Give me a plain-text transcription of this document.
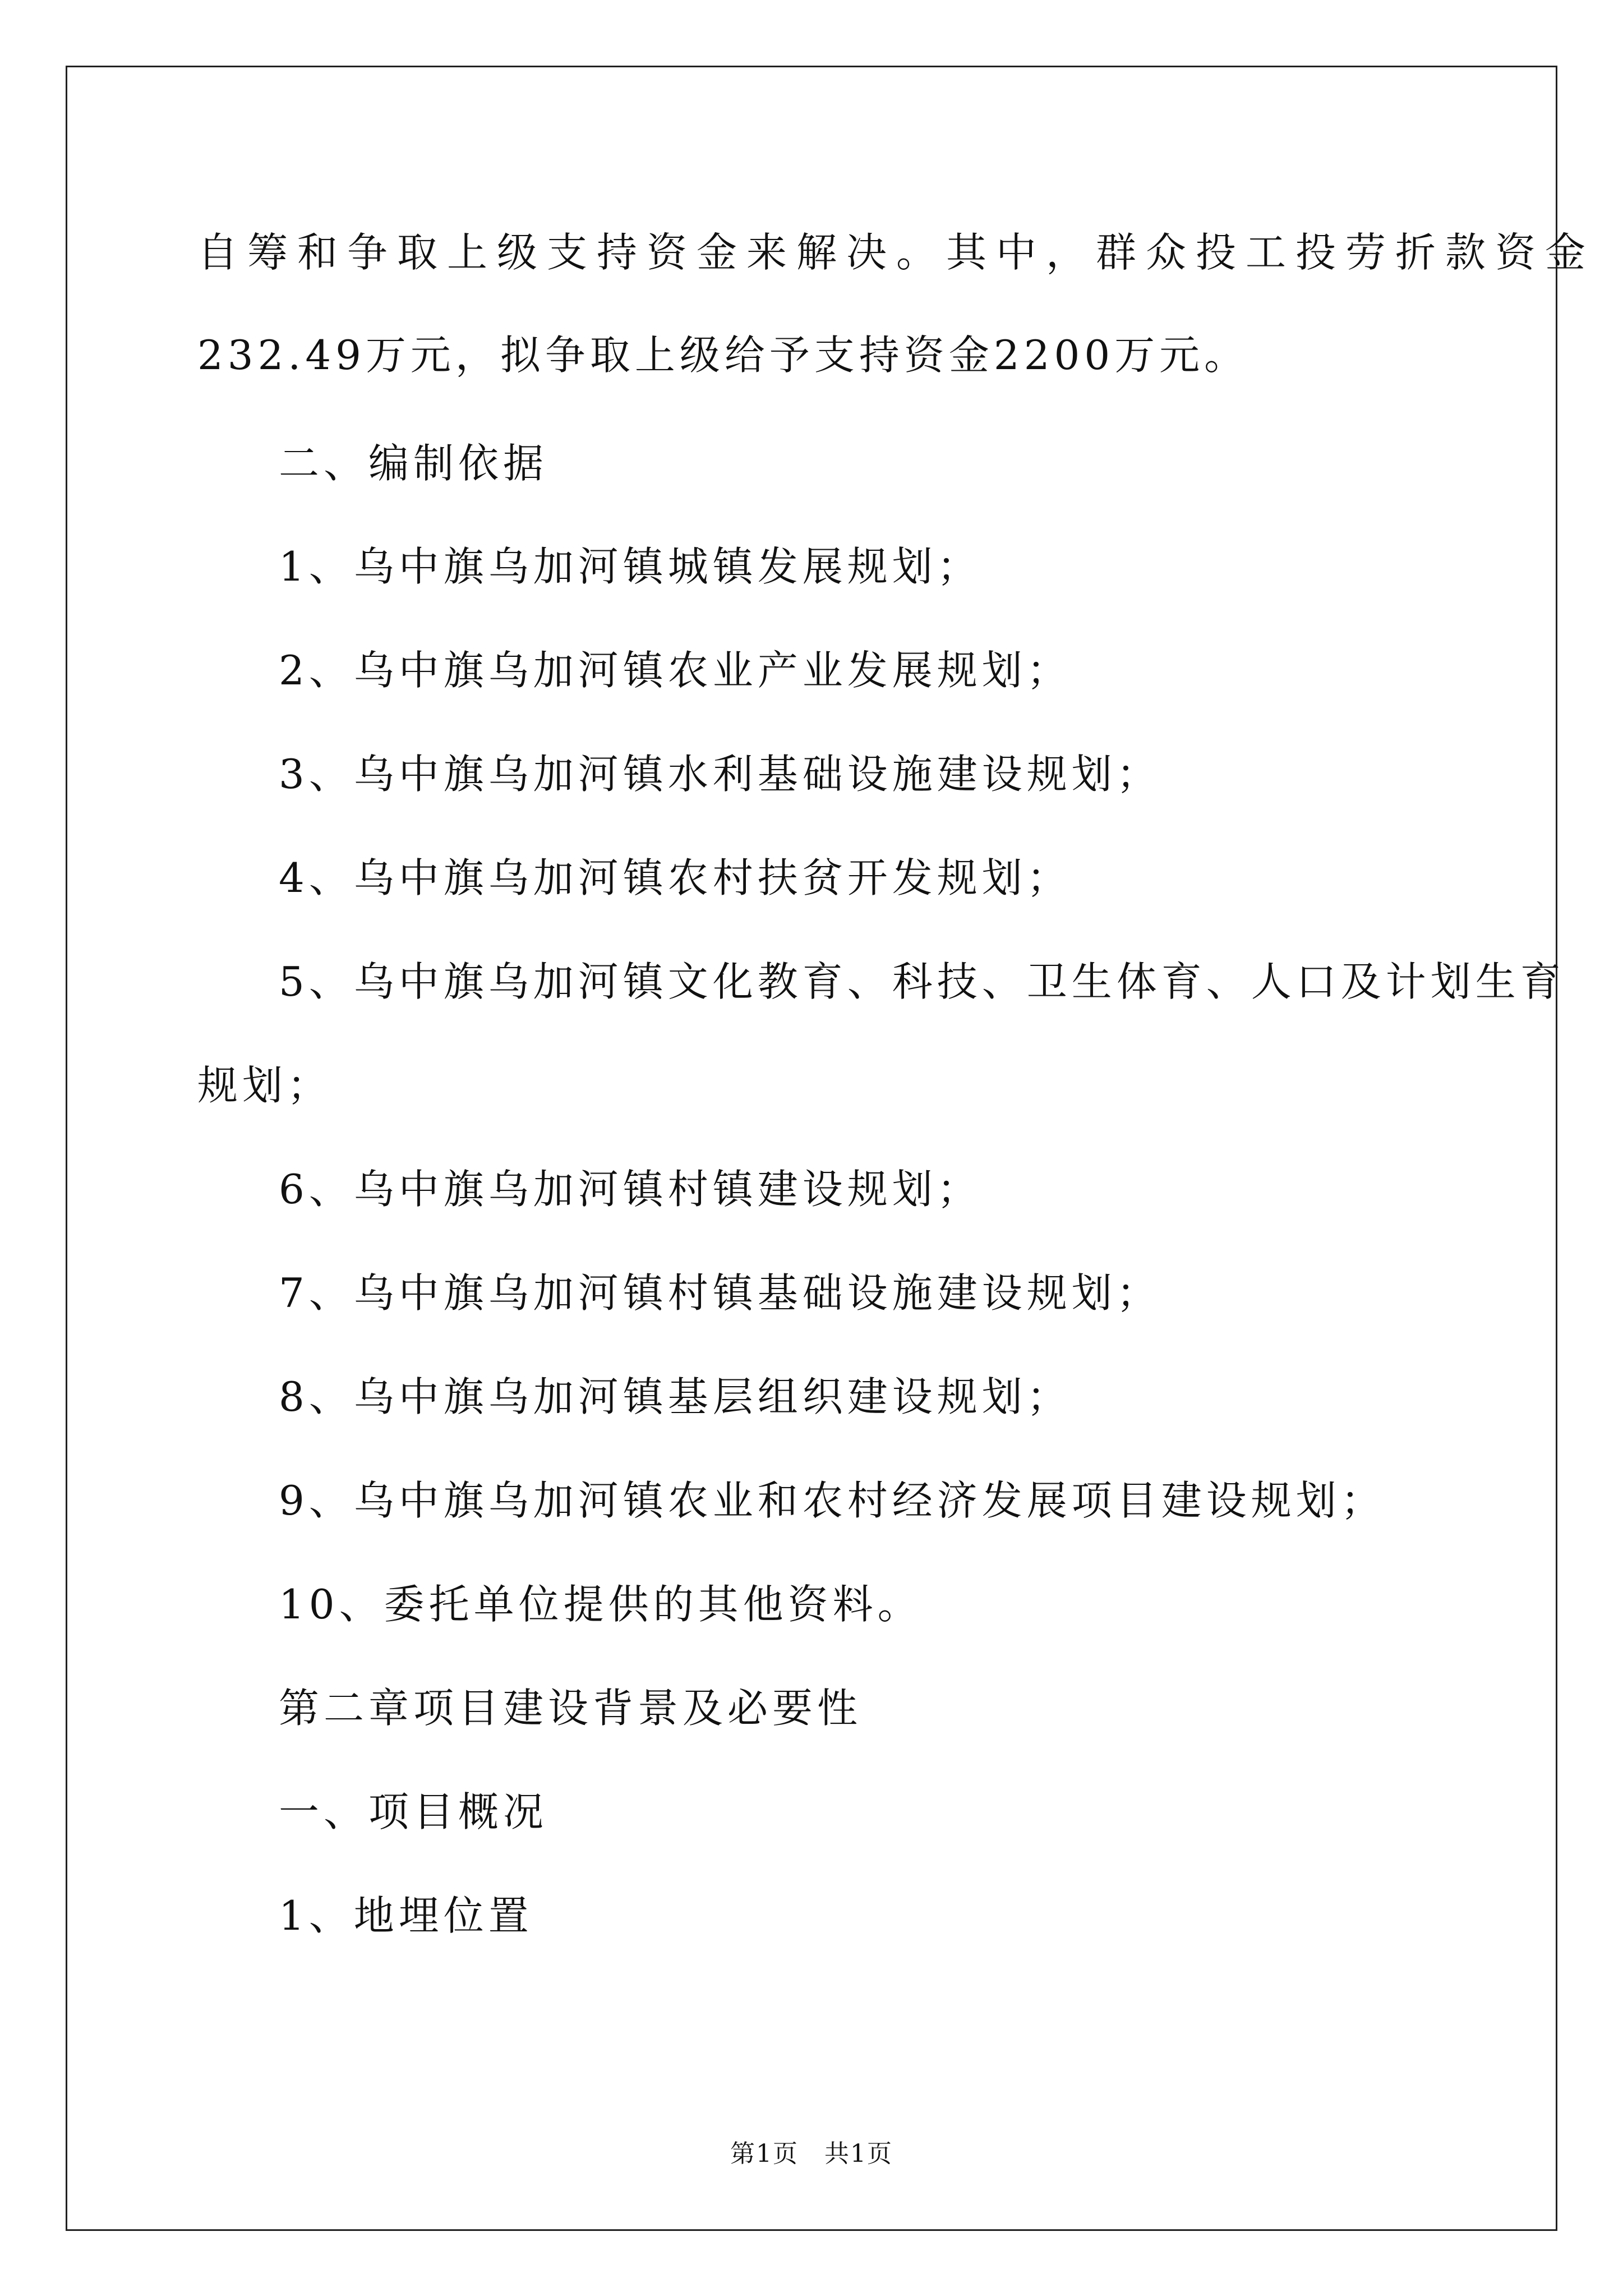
自筹和争取上级支持资金来解决。其中，群众投工投劳折款资金
232.49万元，拟争取上级给予支持资金2200万元。
二、编制依据
1、乌中旗乌加河镇城镇发展规划；
2、乌中旗乌加河镇农业产业发展规划；
3、乌中旗乌加河镇水利基础设施建设规划；
4、乌中旗乌加河镇农村扶贫开发规划；
5、乌中旗乌加河镇文化教育、科技、卫生体育、人口及计划生育
规划；
6、乌中旗乌加河镇村镇建设规划；
7、乌中旗乌加河镇村镇基础设施建设规划；
8、乌中旗乌加河镇基层组织建设规划；
9、乌中旗乌加河镇农业和农村经济发展项目建设规划；
10、委托单位提供的其他资料。
第二章项目建设背景及必要性
一、项目概况
1、地埋位置
第1页　共1页
